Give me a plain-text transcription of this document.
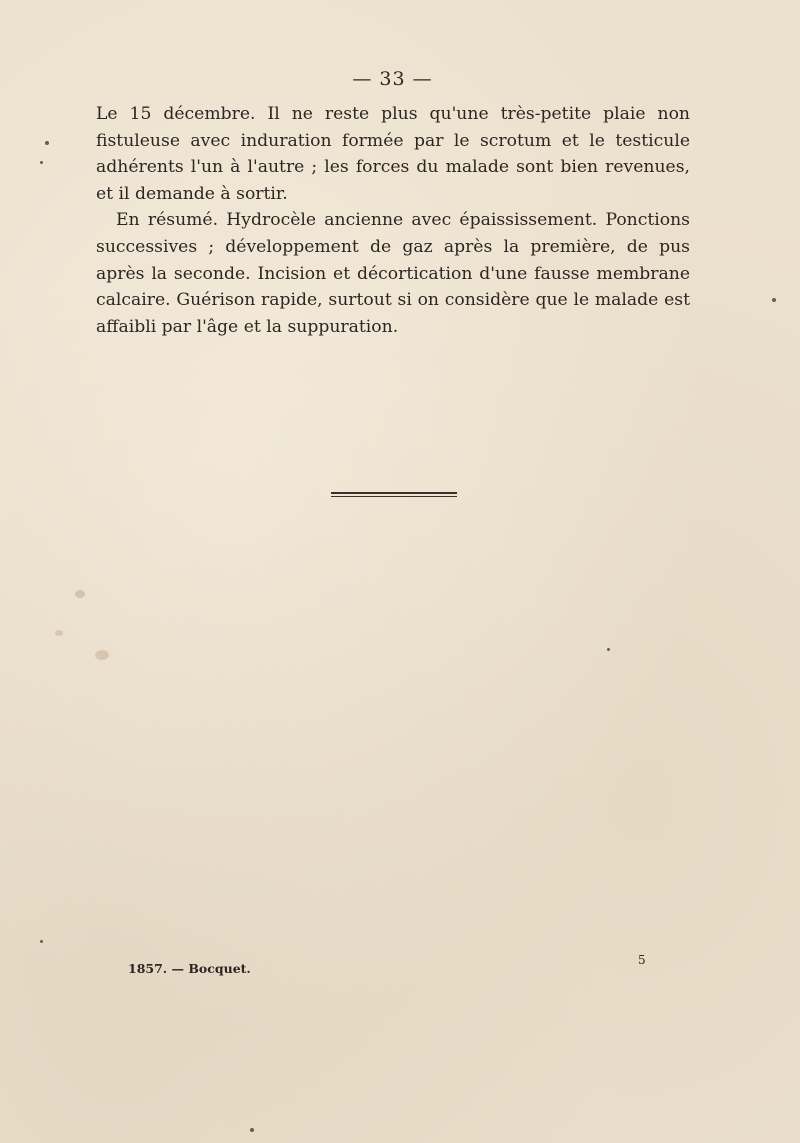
— 33 —

Le 15 décembre. Il ne reste plus qu'une très-petite plaie non fistuleuse avec induration formée par le scrotum et le testicule adhérents l'un à l'autre ; les forces du malade sont bien revenues, et il demande à sortir.

En résumé. Hydrocèle ancienne avec épaississement. Ponctions successives ; développement de gaz après la première, de pus après la seconde. Incision et décortication d'une fausse membrane calcaire. Guérison rapide, surtout si on considère que le malade est affaibli par l'âge et la suppuration.

1857. — Bocquet.
5
